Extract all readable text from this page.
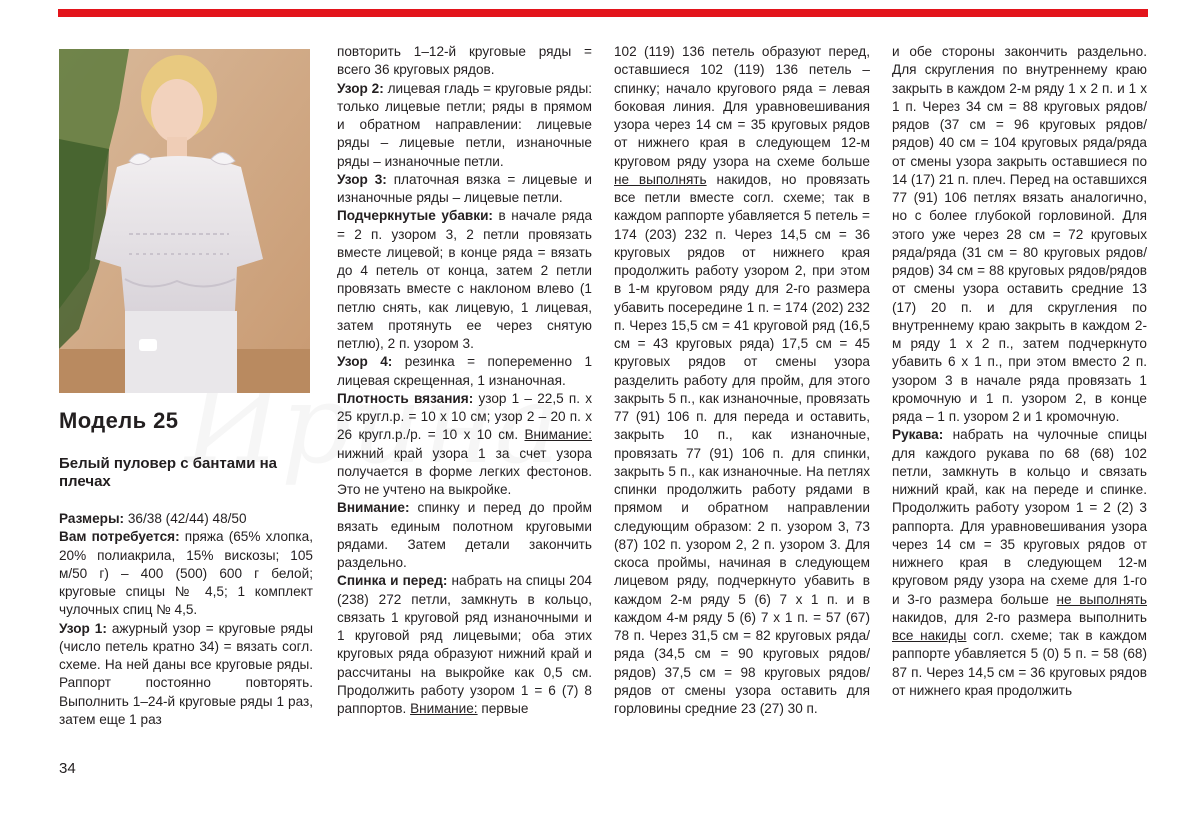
Модель 25
Белый пуловер с бантами на плечах

Размеры: 36/38 (42/44) 48/50

Вам потребуется: пряжа (65% хлопка, 20% полиакрила, 15% вискозы; 105 м/50 г) – 400 (500) 600 г белой; круговые спицы № 4,5; 1 комплект чулочных спиц № 4,5.

Узор 1: ажурный узор = круговые ряды (число петель кратно 34) = вязать согл. схеме. На ней даны все круговые ряды. Раппорт постоянно повторять. Выполнить 1–24-й круговые ряды 1 раз, затем еще 1 раз

повторить 1–12-й круговые ряды = всего 36 круговых рядов.

Узор 2: лицевая гладь = круговые ряды: только лицевые петли; ряды в прямом и обратном направлении: лицевые ряды – лицевые петли, изнаночные ряды – изнаночные петли.

Узор 3: платочная вязка = лицевые и изнаночные ряды – лицевые петли.

Подчеркнутые убавки: в начале ряда = 2 п. узором 3, 2 петли провязать вместе лицевой; в конце ряда = вязать до 4 петель от конца, затем 2 петли провязать вместе с наклоном влево (1 петлю снять, как лицевую, 1 лицевая, затем протянуть ее через снятую петлю), 2 п. узором 3.

Узор 4: резинка = попеременно 1 лицевая скрещенная, 1 изнаночная.

Плотность вязания: узор 1 – 22,5 п. х 25 кругл.р. = 10 х 10 см; узор 2 – 20 п. х 26 кругл.р./р. = 10 х 10 см. Внимание: нижний край узора 1 за счет узора получается в форме легких фестонов. Это не учтено на выкройке.

Внимание: спинку и перед до пройм вязать единым полотном круговыми рядами. Затем детали закончить раздельно.

Спинка и перед: набрать на спицы 204 (238) 272 петли, замкнуть в кольцо, связать 1 круговой ряд изнаночными и 1 круговой ряд лицевыми; оба этих круговых ряда образуют нижний край и рассчитаны на выкройке как 0,5 см. Продолжить работу узором 1 = 6 (7) 8 раппортов. Внимание: первые

102 (119) 136 петель образуют перед, оставшиеся 102 (119) 136 петель – спинку; начало кругового ряда = левая боковая линия. Для уравновешивания узора через 14 см = 35 круговых рядов от нижнего края в следующем 12-м круговом ряду узора на схеме больше не выполнять накидов, но провязать все петли вместе согл. схеме; так в каждом раппорте убавляется 5 петель = 174 (203) 232 п. Через 14,5 см = 36 круговых рядов от нижнего края продолжить работу узором 2, при этом в 1-м круговом ряду для 2-го размера убавить посередине 1 п. = 174 (202) 232 п. Через 15,5 см = 41 круговой ряд (16,5 см = 43 круговых ряда) 17,5 см = 45 круговых рядов от смены узора разделить работу для пройм, для этого закрыть 5 п., как изнаночные, провязать 77 (91) 106 п. для переда и оставить, закрыть 10 п., как изнаночные, провязать 77 (91) 106 п. для спинки, закрыть 5 п., как изнаночные. На петлях спинки продолжить работу рядами в прямом и обратном направлении следующим образом: 2 п. узором 3, 73 (87) 102 п. узором 2, 2 п. узором 3. Для скоса проймы, начиная в следующем лицевом ряду, подчеркнуто убавить в каждом 2-м ряду 5 (6) 7 х 1 п. и в каждом 4-м ряду 5 (6) 7 х 1 п. = 57 (67) 78 п. Через 31,5 см = 82 круговых ряда/ряда (34,5 см = 90 круговых рядов/рядов) 37,5 см = 98 круговых рядов/рядов от смены узора оставить для горловины средние 23 (27) 30 п.

и обе стороны закончить раздельно. Для скругления по внутреннему краю закрыть в каждом 2-м ряду 1 х 2 п. и 1 х 1 п. Через 34 см = 88 круговых рядов/рядов (37 см = 96 круговых рядов/рядов) 40 см = 104 круговых ряда/ряда от смены узора закрыть оставшиеся по 14 (17) 21 п. плеч. Перед на оставшихся 77 (91) 106 петлях вязать аналогично, но с более глубокой горловиной. Для этого уже через 28 см = 72 круговых ряда/ряда (31 см = 80 круговых рядов/рядов) 34 см = 88 круговых рядов/рядов от смены узора оставить средние 13 (17) 20 п. и для скругления по внутреннему краю закрыть в каждом 2-м ряду 1 х 2 п., затем подчеркнуто убавить 6 х 1 п., при этом вместо 2 п. узором 3 в начале ряда провязать 1 кромочную и 1 п. узором 2, в конце ряда – 1 п. узором 2 и 1 кромочную.

Рукава: набрать на чулочные спицы для каждого рукава по 68 (68) 102 петли, замкнуть в кольцо и связать нижний край, как на переде и спинке. Продолжить работу узором 1 = 2 (2) 3 раппорта. Для уравновешивания узора через 14 см = 35 круговых рядов от нижнего края в следующем 12-м круговом ряду узора на схеме для 1-го и 3-го размера больше не выполнять накидов, для 2-го размера выполнить все накиды согл. схеме; так в каждом раппорте убавляется 5 (0) 5 п. = 58 (68) 87 п. Через 14,5 см = 36 круговых рядов от нижнего края продолжить

34
